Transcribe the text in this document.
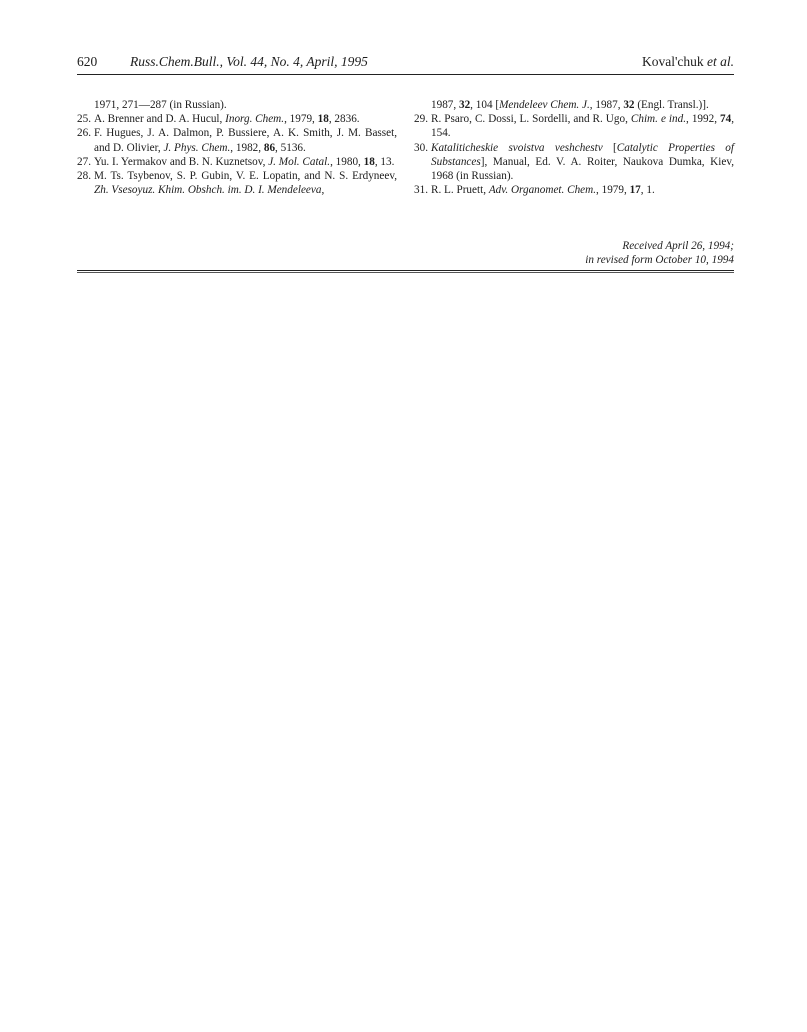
620 Russ.Chem.Bull., Vol. 44, No. 4, April, 1995	Koval'chuk et al.
1971, 271—287 (in Russian).
25. A. Brenner and D. A. Hucul, Inorg. Chem., 1979, 18, 2836.
26. F. Hugues, J. A. Dalmon, P. Bussiere, A. K. Smith, J. M. Basset, and D. Olivier, J. Phys. Chem., 1982, 86, 5136.
27. Yu. I. Yermakov and B. N. Kuznetsov, J. Mol. Catal., 1980, 18, 13.
28. M. Ts. Tsybenov, S. P. Gubin, V. E. Lopatin, and N. S. Erdyneev, Zh. Vsesoyuz. Khim. Obshch. im. D. I. Mendeleeva,
1987, 32, 104 [Mendeleev Chem. J., 1987, 32 (Engl. Transl.)].
29. R. Psaro, C. Dossi, L. Sordelli, and R. Ugo, Chim. e ind., 1992, 74, 154.
30. Kataliticheskie svoistva veshchestv [Catalytic Properties of Substances], Manual, Ed. V. A. Roiter, Naukova Dumka, Kiev, 1968 (in Russian).
31. R. L. Pruett, Adv. Organomet. Chem., 1979, 17, 1.
Received April 26, 1994;
in revised form October 10, 1994
